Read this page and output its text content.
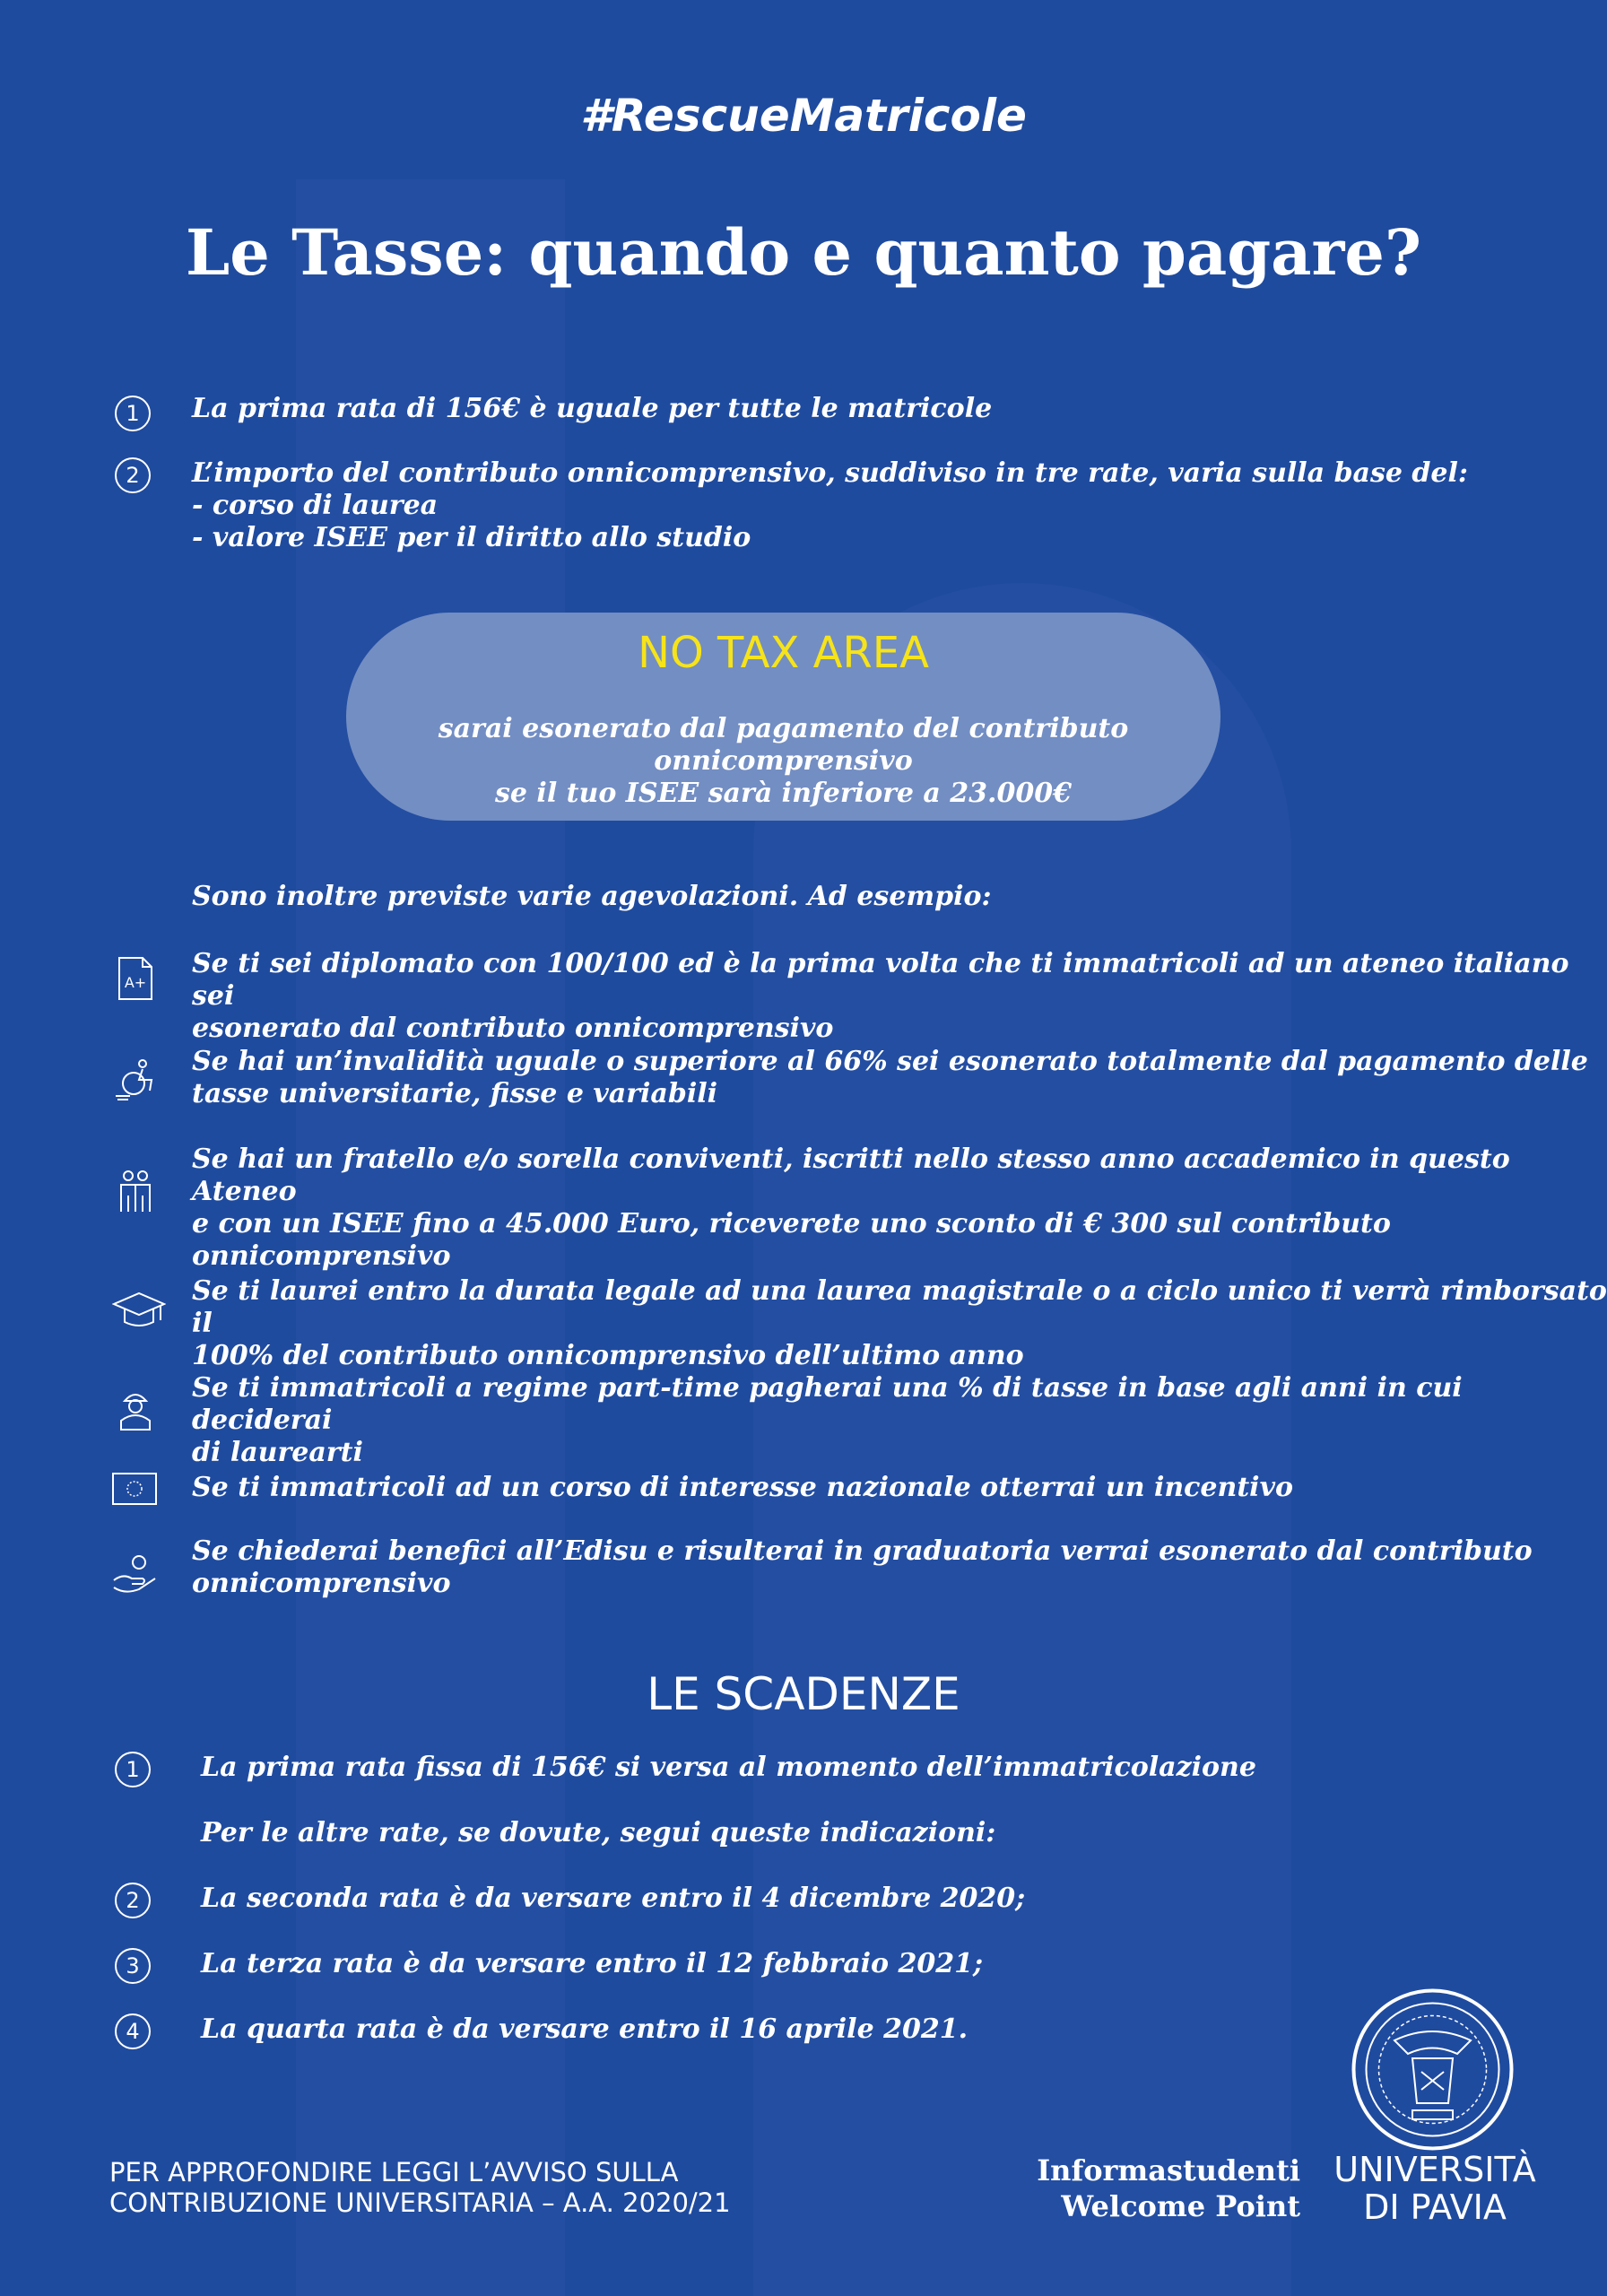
#RescueMatricole
Le Tasse: quando e quanto pagare?
1	La prima rata di 156€ è uguale per tutte le matricole
2	L’importo del contributo onnicomprensivo, suddiviso in tre rate, varia sulla base del:
- corso di laurea
- valore ISEE per il diritto allo studio
NO TAX AREA
sarai esonerato dal pagamento del contributo onnicomprensivo
se il tuo ISEE sarà inferiore a 23.000€
Sono inoltre previste varie agevolazioni. Ad esempio:
A+
Se ti sei diplomato con 100/100 ed è la prima volta che ti immatricoli ad un ateneo italiano sei
esonerato dal contributo onnicomprensivo
Se hai un’invalidità uguale o superiore al 66% sei esonerato totalmente dal pagamento delle
tasse universitarie, fisse e variabili
Se hai un fratello e/o sorella conviventi, iscritti nello stesso anno accademico in questo Ateneo
e con un ISEE fino a 45.000 Euro, riceverete uno sconto di € 300 sul contributo
onnicomprensivo
Se ti laurei entro la durata legale ad una laurea magistrale o a ciclo unico ti verrà rimborsato il
100% del contributo onnicomprensivo dell’ultimo anno
Se ti immatricoli a regime part-time pagherai una % di tasse in base agli anni in cui deciderai
di laurearti
Se ti immatricoli ad un corso di interesse nazionale otterrai un incentivo
Se chiederai benefici all’Edisu e risulterai in graduatoria verrai esonerato dal contributo
onnicomprensivo
LE SCADENZE
1	La prima rata fissa di 156€ si versa al momento dell’immatricolazione
Per le altre rate, se dovute, segui queste indicazioni:
2	La seconda rata è da versare entro il 4 dicembre 2020;
3	La terza rata è da versare entro il 12 febbraio 2021;
4	La quarta rata è da versare entro il 16 aprile 2021.
PER APPROFONDIRE LEGGI L’AVVISO SULLA
CONTRIBUZIONE UNIVERSITARIA – A.A. 2020/21
Informastudenti
Welcome Point
UNIVERSITÀ
DI PAVIA
